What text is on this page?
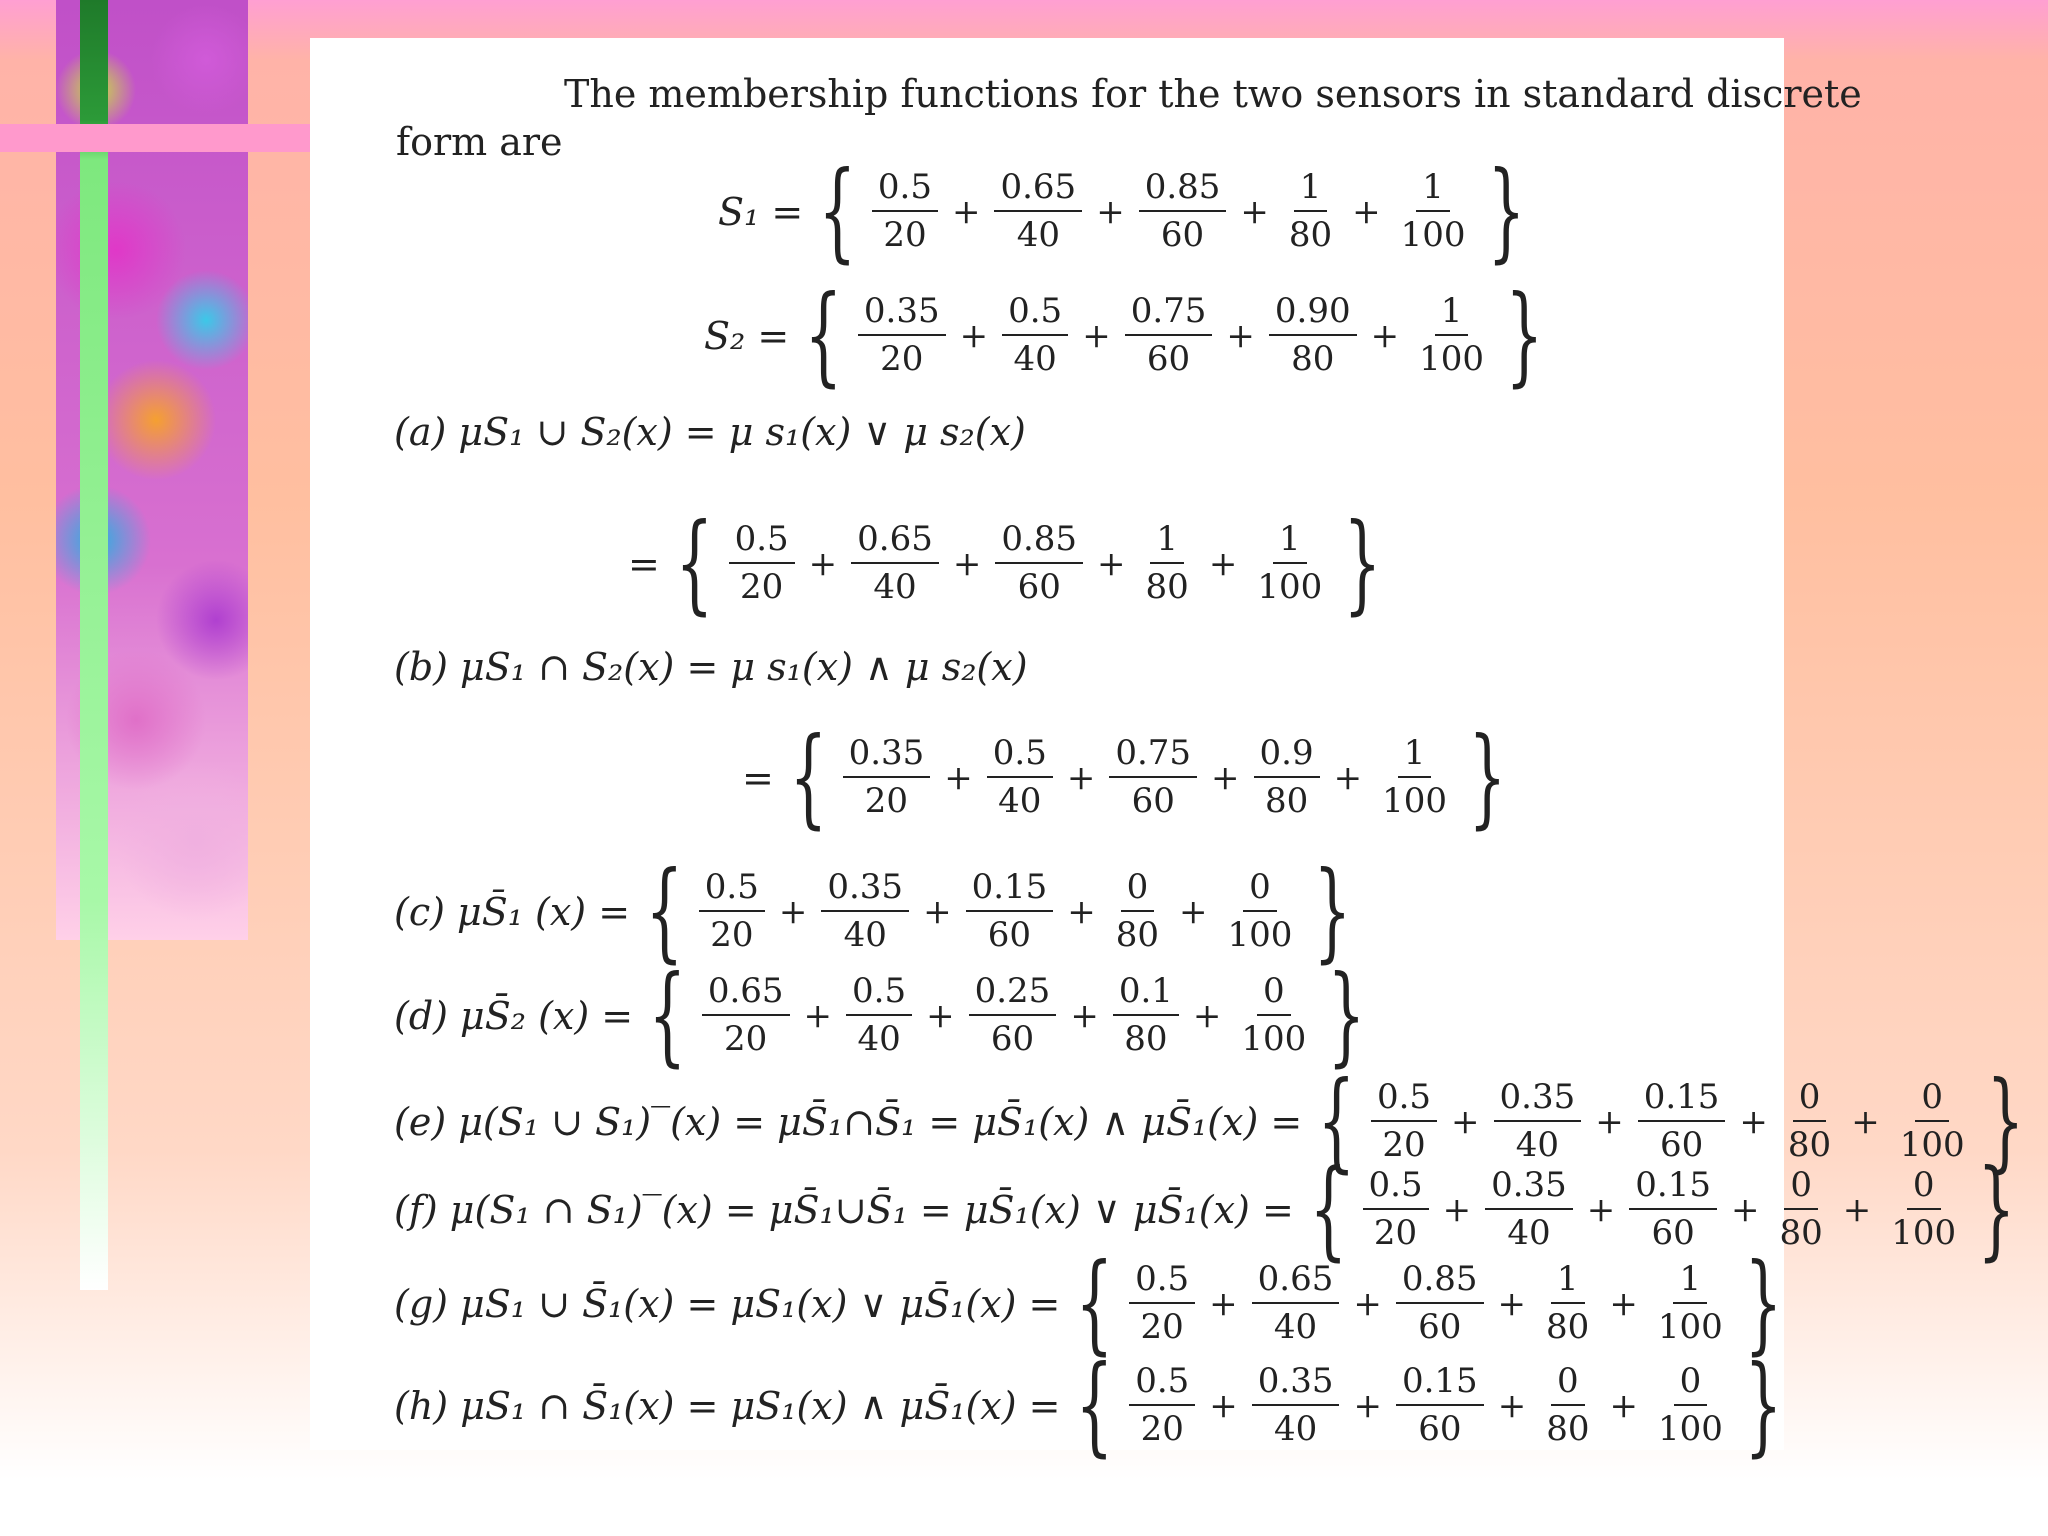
The membership functions for the two sensors in standard discrete
form are
S₁ = { $\frac{0.5}{20} + \frac{0.65}{40} + \frac{0.85}{60} + \frac{1}{80} + \frac{1}{100}$ }
S₂ = { $\frac{0.35}{20} + \frac{0.5}{40} + \frac{0.75}{60} + \frac{0.90}{80} + \frac{1}{100}$ }
(a) μS₁ ∪ S₂(x) = μ s₁(x) ∨ μ s₂(x)
= { $\frac{0.5}{20} + \frac{0.65}{40} + \frac{0.85}{60} + \frac{1}{80} + \frac{1}{100}$ }
(b) μS₁ ∩ S₂(x) = μ s₁(x) ∧ μ s₂(x)
= { $\frac{0.35}{20} + \frac{0.5}{40} + \frac{0.75}{60} + \frac{0.9}{80} + \frac{1}{100}$ }
(c) μS̄₁ (x) = { $\frac{0.5}{20} + \frac{0.35}{40} + \frac{0.15}{60} + \frac{0}{80} + \frac{0}{100}$ }
(d) μS̄₂ (x) = { $\frac{0.65}{20} + \frac{0.5}{40} + \frac{0.25}{60} + \frac{0.1}{80} + \frac{0}{100}$ }
(e) μ(S₁ ∪ S₁)‾(x) = μS̄₁∩S̄₁ = μS̄₁(x) ∧ μS̄₁(x) = { $\frac{0.5}{20} + \frac{0.35}{40} + \frac{0.15}{60} + \frac{0}{80} + \frac{0}{100}$ }
(f) μ(S₁ ∩ S₁)‾(x) = μS̄₁∪S̄₁ = μS̄₁(x) ∨ μS̄₁(x) = { $\frac{0.5}{20} + \frac{0.35}{40} + \frac{0.15}{60} + \frac{0}{80} + \frac{0}{100}$ }
(g) μS₁ ∪ S̄₁(x) = μS₁(x) ∨ μS̄₁(x) = { $\frac{0.5}{20} + \frac{0.65}{40} + \frac{0.85}{60} + \frac{1}{80} + \frac{1}{100}$ }
(h) μS₁ ∩ S̄₁(x) = μS₁(x) ∧ μS̄₁(x) = { $\frac{0.5}{20} + \frac{0.35}{40} + \frac{0.15}{60} + \frac{0}{80} + \frac{0}{100}$ }
